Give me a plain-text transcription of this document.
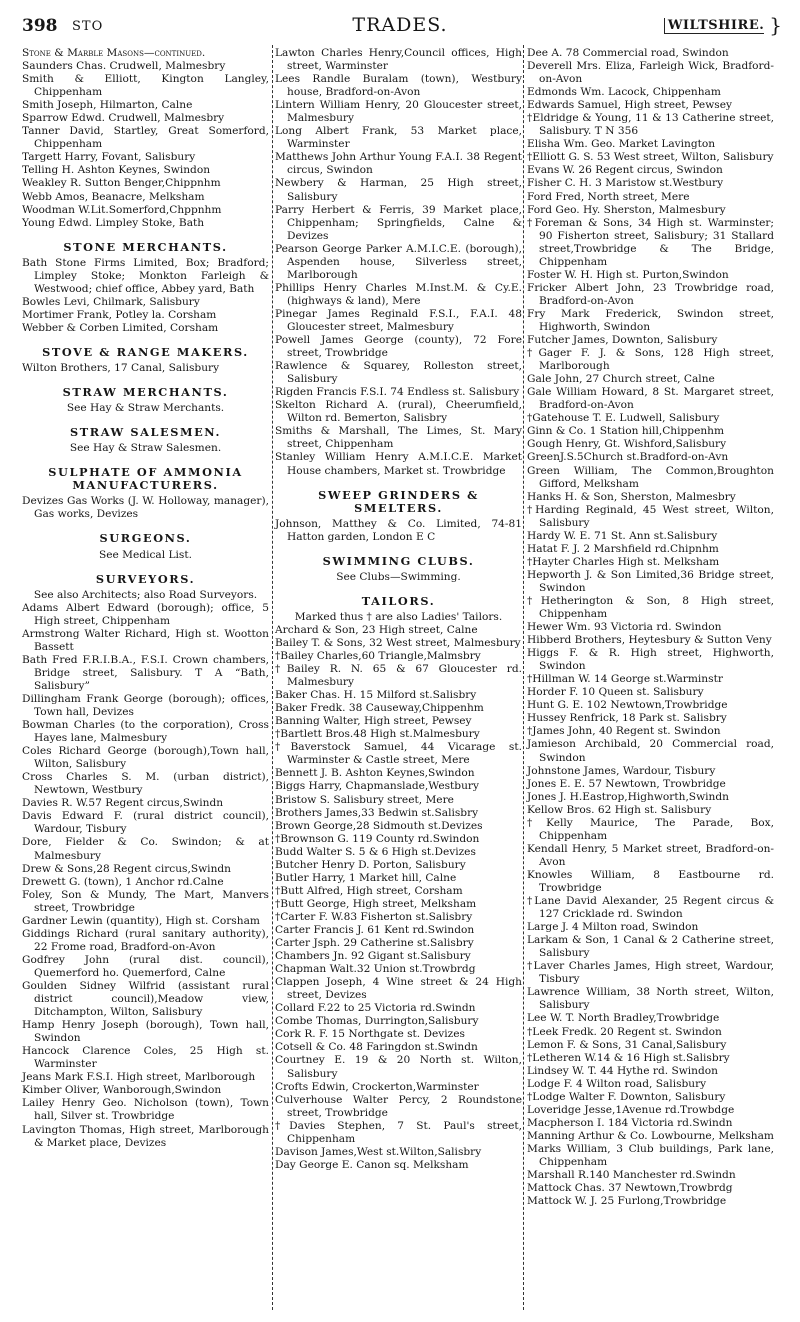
398 STO	TRADES.	WILTSHIRE. }
Stone & Marble Masons—continued.
Saunders Chas. Crudwell, Malmesbry
Smith & Elliott, Kington Langley, Chippenham
Smith Joseph, Hilmarton, Calne
Sparrow Edwd. Crudwell, Malmesbry
Tanner David, Startley, Great Somerford, Chippenham
Targett Harry, Fovant, Salisbury
Telling H. Ashton Keynes, Swindon
Weakley R. Sutton Benger,Chippnhm
Webb Amos, Beanacre, Melksham
Woodman W.Lit.Somerford,Chppnhm
Young Edwd. Limpley Stoke, Bath
STONE MERCHANTS.
Bath Stone Firms Limited, Box; Bradford; Limpley Stoke; Monkton Farleigh & Westwood; chief office, Abbey yard, Bath
Bowles Levi, Chilmark, Salisbury
Mortimer Frank, Potley la. Corsham
Webber & Corben Limited, Corsham
STOVE & RANGE MAKERS.
Wilton Brothers, 17 Canal, Salisbury
STRAW MERCHANTS.
See Hay & Straw Merchants.
STRAW SALESMEN.
See Hay & Straw Salesmen.
SULPHATE OF AMMONIA MANUFACTURERS.
Devizes Gas Works (J. W. Holloway, manager), Gas works, Devizes
SURGEONS.
See Medical List.
SURVEYORS.
See also Architects; also Road Surveyors.
Adams Albert Edward (borough); office, 5 High street, Chippenham
Armstrong Walter Richard, High st. Wootton Bassett
Bath Fred F.R.I.B.A., F.S.I. Crown chambers, Bridge street, Salisbury. T A “Bath, Salisbury”
Dillingham Frank George (borough); offices, Town hall, Devizes
Bowman Charles (to the corporation), Cross Hayes lane, Malmesbury
Coles Richard George (borough),Town hall, Wilton, Salisbury
Cross Charles S. M. (urban district), Newtown, Westbury
Davies R. W.57 Regent circus,Swindn
Davis Edward F. (rural district council), Wardour, Tisbury
Dore, Fielder & Co. Swindon; & at Malmesbury
Drew & Sons,28 Regent circus,Swindn
Drewett G. (town), 1 Anchor rd.Calne
Foley, Son & Mundy, The Mart, Manvers street, Trowbridge
Gardner Lewin (quantity), High st. Corsham
Giddings Richard (rural sanitary authority), 22 Frome road, Bradford-on-Avon
Godfrey John (rural dist. council), Quemerford ho. Quemerford, Calne
Goulden Sidney Wilfrid (assistant rural district council),Meadow view, Ditchampton, Wilton, Salisbury
Hamp Henry Joseph (borough), Town hall, Swindon
Hancock Clarence Coles, 25 High st. Warminster
Jeans Mark F.S.I. High street, Marlborough
Kimber Oliver, Wanborough,Swindon
Lailey Henry Geo. Nicholson (town), Town hall, Silver st. Trowbridge
Lavington Thomas, High street, Marlborough & Market place, Devizes
Lawton Charles Henry,Council offices, High street, Warminster
Lees Randle Buralam (town), Westbury house, Bradford-on-Avon
Lintern William Henry, 20 Gloucester street, Malmesbury
Long Albert Frank, 53 Market place, Warminster
Matthews John Arthur Young F.A.I. 38 Regent circus, Swindon
Newbery & Harman, 25 High street, Salisbury
Parry Herbert & Ferris, 39 Market place, Chippenham; Springfields, Calne & Devizes
Pearson George Parker A.M.I.C.E. (borough), Aspenden house, Silverless street, Marlborough
Phillips Henry Charles M.Inst.M. & Cy.E. (highways & land), Mere
Pinegar James Reginald F.S.I., F.A.I. 48 Gloucester street, Malmesbury
Powell James George (county), 72 Fore street, Trowbridge
Rawlence & Squarey, Rolleston street, Salisbury
Rigden Francis F.S.I. 74 Endless st. Salisbury
Skelton Richard A. (rural), Cheerumfield, Wilton rd. Bemerton, Salisbry
Smiths & Marshall, The Limes, St. Mary street, Chippenham
Stanley William Henry A.M.I.C.E. Market House chambers, Market st. Trowbridge
SWEEP GRINDERS & SMELTERS.
Johnson, Matthey & Co. Limited, 74-81 Hatton garden, London E C
SWIMMING CLUBS.
See Clubs—Swimming.
TAILORS.
Marked thus † are also Ladies' Tailors.
Archard & Son, 23 High street, Calne
Bailey T. & Sons, 32 West street, Malmesbury
†Bailey Charles,60 Triangle,Malmsbry
†Bailey R. N. 65 & 67 Gloucester rd. Malmesbury
Baker Chas. H. 15 Milford st.Salisbry
Baker Fredk. 38 Causeway,Chippenhm
Banning Walter, High street, Pewsey
†Bartlett Bros.48 High st.Malmesbury
†Baverstock Samuel, 44 Vicarage st. Warminster & Castle street, Mere
Bennett J. B. Ashton Keynes,Swindon
Biggs Harry, Chapmanslade,Westbury
Bristow S. Salisbury street, Mere
Brothers James,33 Bedwin st.Salisbry
Brown George,28 Sidmouth st.Devizes
†Brownson G. 119 County rd.Swindon
Budd Walter S. 5 & 6 High st.Devizes
Butcher Henry D. Porton, Salisbury
Butler Harry, 1 Market hill, Calne
†Butt Alfred, High street, Corsham
†Butt George, High street, Melksham
†Carter F. W.83 Fisherton st.Salisbry
Carter Francis J. 61 Kent rd.Swindon
Carter Jsph. 29 Catherine st.Salisbry
Chambers Jn. 92 Gigant st.Salisbury
Chapman Walt.32 Union st.Trowbrdg
Clappen Joseph, 4 Wine street & 24 High street, Devizes
Collard F.22 to 25 Victoria rd.Swindn
Combe Thomas, Durrington,Salisbury
Cork R. F. 15 Northgate st. Devizes
Cotsell & Co. 48 Faringdon st.Swindn
Courtney E. 19 & 20 North st. Wilton, Salisbury
Crofts Edwin, Crockerton,Warminster
Culverhouse Walter Percy, 2 Roundstone street, Trowbridge
†Davies Stephen, 7 St. Paul's street, Chippenham
Davison James,West st.Wilton,Salisbry
Day George E. Canon sq. Melksham
Dee A. 78 Commercial road, Swindon
Deverell Mrs. Eliza, Farleigh Wick, Bradford-on-Avon
Edmonds Wm. Lacock, Chippenham
Edwards Samuel, High street, Pewsey
†Eldridge & Young, 11 & 13 Catherine street, Salisbury. T N 356
Elisha Wm. Geo. Market Lavington
†Elliott G. S. 53 West street, Wilton, Salisbury
Evans W. 26 Regent circus, Swindon
Fisher C. H. 3 Maristow st.Westbury
Ford Fred, North street, Mere
Ford Geo. Hy. Sherston, Malmesbury
†Foreman & Sons, 34 High st. Warminster; 90 Fisherton street, Salisbury; 31 Stallard street,Trowbridge & The Bridge, Chippenham
Foster W. H. High st. Purton,Swindon
Fricker Albert John, 23 Trowbridge road, Bradford-on-Avon
Fry Mark Frederick, Swindon street, Highworth, Swindon
Futcher James, Downton, Salisbury
†Gager F. J. & Sons, 128 High street, Marlborough
Gale John, 27 Church street, Calne
Gale William Howard, 8 St. Margaret street, Bradford-on-Avon
†Gatehouse T. E. Ludwell, Salisbury
Ginn & Co. 1 Station hill,Chippenhm
Gough Henry, Gt. Wishford,Salisbury
GreenJ.S.5Church st.Bradford-on-Avn
Green William, The Common,Broughton Gifford, Melksham
Hanks H. & Son, Sherston, Malmesbry
†Harding Reginald, 45 West street, Wilton, Salisbury
Hardy W. E. 71 St. Ann st.Salisbury
Hatat F. J. 2 Marshfield rd.Chipnhm
†Hayter Charles High st. Melksham
Hepworth J. & Son Limited,36 Bridge street, Swindon
†Hetherington & Son, 8 High street, Chippenham
Hewer Wm. 93 Victoria rd. Swindon
Hibberd Brothers, Heytesbury & Sutton Veny
Higgs F. & R. High street, Highworth, Swindon
†Hillman W. 14 George st.Warminstr
Horder F. 10 Queen st. Salisbury
Hunt G. E. 102 Newtown,Trowbridge
Hussey Renfrick, 18 Park st. Salisbry
†James John, 40 Regent st. Swindon
Jamieson Archibald, 20 Commercial road, Swindon
Johnstone James, Wardour, Tisbury
Jones E. E. 57 Newtown, Trowbridge
Jones J. H.Eastrop,Highworth,Swindn
Kellow Bros. 62 High st. Salisbury
†Kelly Maurice, The Parade, Box, Chippenham
Kendall Henry, 5 Market street, Bradford-on-Avon
Knowles William, 8 Eastbourne rd. Trowbridge
†Lane David Alexander, 25 Regent circus & 127 Cricklade rd. Swindon
Large J. 4 Milton road, Swindon
Larkam & Son, 1 Canal & 2 Catherine street, Salisbury
†Laver Charles James, High street, Wardour, Tisbury
Lawrence William, 38 North street, Wilton, Salisbury
Lee W. T. North Bradley,Trowbridge
†Leek Fredk. 20 Regent st. Swindon
Lemon F. & Sons, 31 Canal,Salisbury
†Letheren W.14 & 16 High st.Salisbry
Lindsey W. T. 44 Hythe rd. Swindon
Lodge F. 4 Wilton road, Salisbury
†Lodge Walter F. Downton, Salisbury
Loveridge Jesse,1Avenue rd.Trowbdge
Macpherson I. 184 Victoria rd.Swindn
Manning Arthur & Co. Lowbourne, Melksham
Marks William, 3 Club buildings, Park lane, Chippenham
Marshall R.140 Manchester rd.Swindn
Mattock Chas. 37 Newtown,Trowbrdg
Mattock W. J. 25 Furlong,Trowbridge
